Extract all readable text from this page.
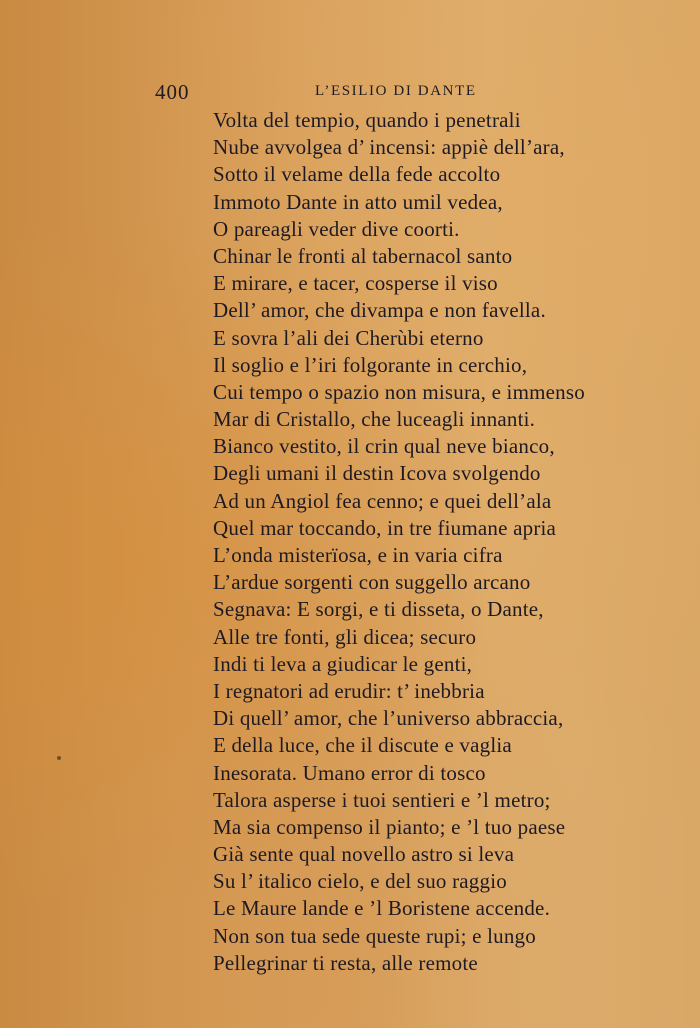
400	L’ESILIO DI DANTE
Volta del tempio, quando i penetrali
Nube avvolgea d’ incensi: appiè dell’ara,
Sotto il velame della fede accolto
Immoto Dante in atto umil vedea,
O pareagli veder dive coorti.
Chinar le fronti al tabernacol santo
E mirare, e tacer, cosperse il viso
Dell’ amor, che divampa e non favella.
E sovra l’ali dei Cherùbi eterno
Il soglio e l’iri folgorante in cerchio,
Cui tempo o spazio non misura, e immenso
Mar di Cristallo, che luceagli innanti.
Bianco vestito, il crin qual neve bianco,
Degli umani il destin Icova svolgendo
Ad un Angiol fea cenno; e quei dell’ala
Quel mar toccando, in tre fiumane apria
L’onda misterïosa, e in varia cifra
L’ardue sorgenti con suggello arcano
Segnava: E sorgi, e ti disseta, o Dante,
Alle tre fonti, gli dicea; securo
Indi ti leva a giudicar le genti,
I regnatori ad erudir: t’ inebbria
Di quell’ amor, che l’universo abbraccia,
E della luce, che il discute e vaglia
Inesorata. Umano error di tosco
Talora asperse i tuoi sentieri e ’l metro;
Ma sia compenso il pianto; e ’l tuo paese
Già sente qual novello astro si leva
Su l’ italico cielo, e del suo raggio
Le Maure lande e ’l Boristene accende.
Non son tua sede queste rupi; e lungo
Pellegrinar ti resta, alle remote
